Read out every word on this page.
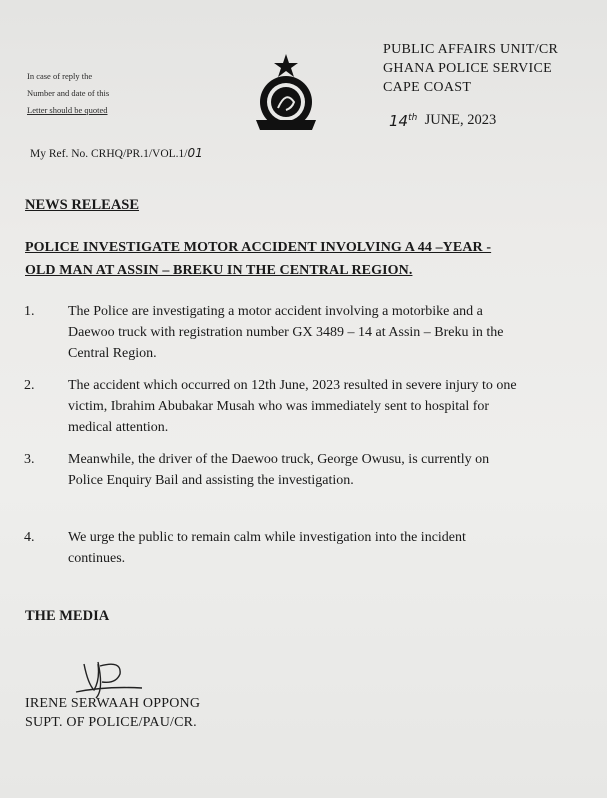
In case of reply the
Number and date of this
Letter should be quoted
PUBLIC AFFAIRS UNIT/CR
GHANA POLICE SERVICE
CAPE COAST
14th JUNE, 2023
My Ref. No. CRHQ/PR.1/VOL.1/01
NEWS RELEASE
POLICE INVESTIGATE MOTOR ACCIDENT INVOLVING A 44 –YEAR -
OLD MAN AT ASSIN – BREKU IN THE CENTRAL REGION.
1. The Police are investigating a motor accident involving a motorbike and a
Daewoo truck with registration number GX 3489 – 14 at Assin – Breku in the
Central Region.
2. The accident which occurred on 12th June, 2023 resulted in severe injury to one
victim, Ibrahim Abubakar Musah who was immediately sent to hospital for
medical attention.
3. Meanwhile, the driver of the Daewoo truck, George Owusu, is currently on
Police Enquiry Bail and assisting the investigation.
4. We urge the public to remain calm while investigation into the incident
continues.
THE MEDIA
IRENE SERWAAH OPPONG
SUPT. OF POLICE/PAU/CR.
